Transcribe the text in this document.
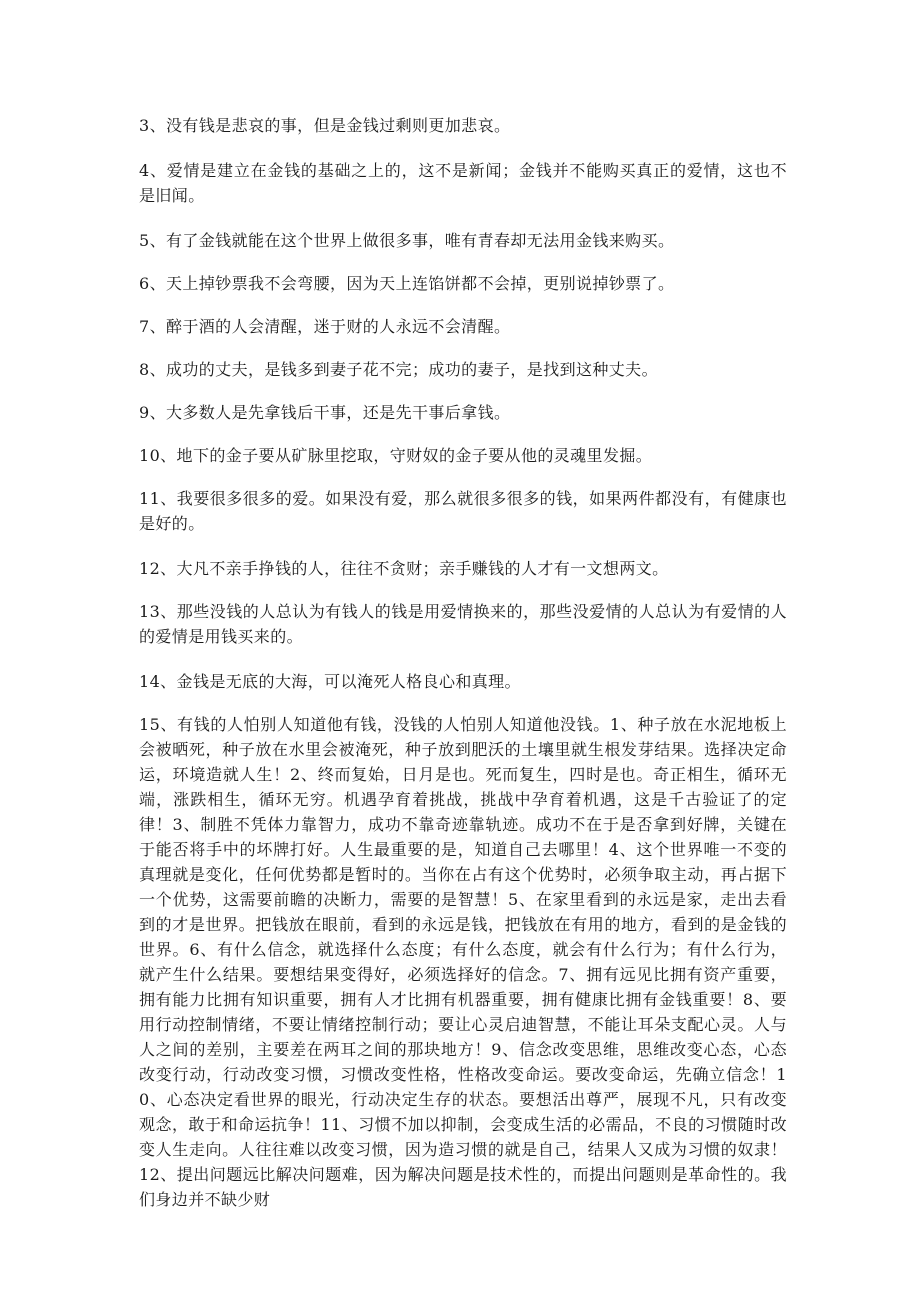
3、没有钱是悲哀的事，但是金钱过剩则更加悲哀。

4、爱情是建立在金钱的基础之上的，这不是新闻；金钱并不能购买真正的爱情，这也不是旧闻。

5、有了金钱就能在这个世界上做很多事，唯有青春却无法用金钱来购买。

6、天上掉钞票我不会弯腰，因为天上连馅饼都不会掉，更别说掉钞票了。

7、醉于酒的人会清醒，迷于财的人永远不会清醒。

8、成功的丈夫，是钱多到妻子花不完；成功的妻子，是找到这种丈夫。

9、大多数人是先拿钱后干事，还是先干事后拿钱。

10、地下的金子要从矿脉里挖取，守财奴的金子要从他的灵魂里发掘。

11、我要很多很多的爱。如果没有爱，那么就很多很多的钱，如果两件都没有，有健康也是好的。

12、大凡不亲手挣钱的人，往往不贪财；亲手赚钱的人才有一文想两文。

13、那些没钱的人总认为有钱人的钱是用爱情换来的，那些没爱情的人总认为有爱情的人的爱情是用钱买来的。

14、金钱是无底的大海，可以淹死人格良心和真理。

15、有钱的人怕别人知道他有钱，没钱的人怕别人知道他没钱。1、种子放在水泥地板上会被晒死，种子放在水里会被淹死，种子放到肥沃的土壤里就生根发芽结果。选择决定命运，环境造就人生！2、终而复始，日月是也。死而复生，四时是也。奇正相生，循环无端，涨跌相生，循环无穷。机遇孕育着挑战，挑战中孕育着机遇，这是千古验证了的定律！3、制胜不凭体力靠智力，成功不靠奇迹靠轨迹。成功不在于是否拿到好牌，关键在于能否将手中的坏牌打好。人生最重要的是，知道自己去哪里！4、这个世界唯一不变的真理就是变化，任何优势都是暂时的。当你在占有这个优势时，必须争取主动，再占据下一个优势，这需要前瞻的决断力，需要的是智慧！5、在家里看到的永远是家，走出去看到的才是世界。把钱放在眼前，看到的永远是钱，把钱放在有用的地方，看到的是金钱的世界。6、有什么信念，就选择什么态度；有什么态度，就会有什么行为；有什么行为，就产生什么结果。要想结果变得好，必须选择好的信念。7、拥有远见比拥有资产重要，拥有能力比拥有知识重要，拥有人才比拥有机器重要，拥有健康比拥有金钱重要！8、要用行动控制情绪，不要让情绪控制行动；要让心灵启迪智慧，不能让耳朵支配心灵。人与人之间的差别，主要差在两耳之间的那块地方！9、信念改变思维，思维改变心态，心态改变行动，行动改变习惯，习惯改变性格，性格改变命运。要改变命运，先确立信念！10、心态决定看世界的眼光，行动决定生存的状态。要想活出尊严，展现不凡，只有改变观念，敢于和命运抗争！11、习惯不加以抑制，会变成生活的必需品，不良的习惯随时改变人生走向。人往往难以改变习惯，因为造习惯的就是自己，结果人又成为习惯的奴隶！12、提出问题远比解决问题难，因为解决问题是技术性的，而提出问题则是革命性的。我们身边并不缺少财
